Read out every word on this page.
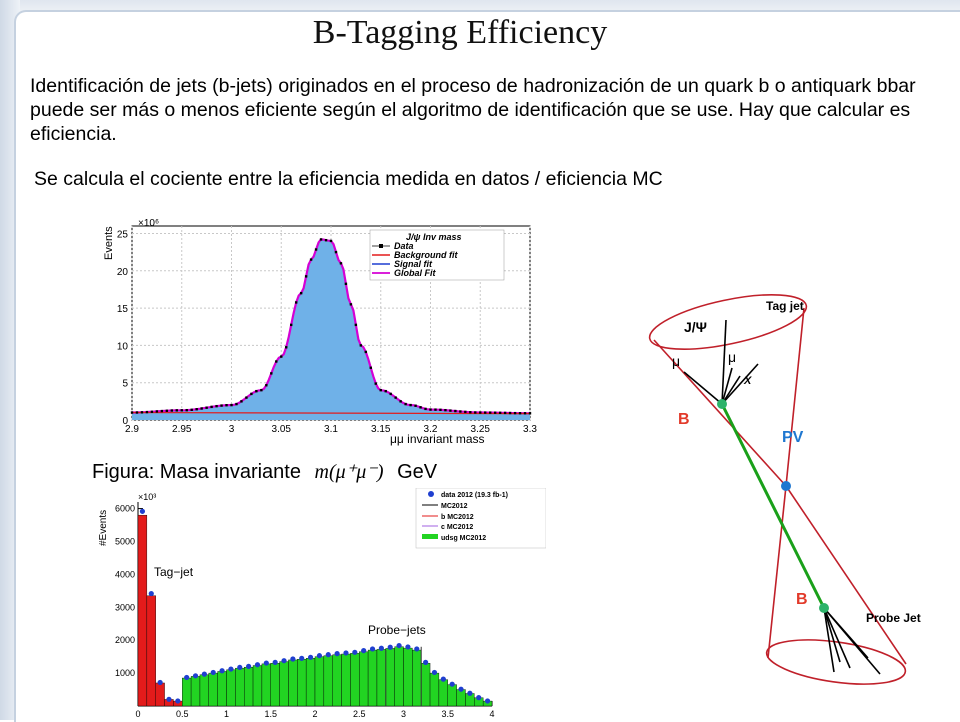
B-Tagging Efficiency
Identificación de jets (b-jets) originados en el proceso de hadronización de un quark b o antiquark bbar puede ser más o menos eficiente según el algoritmo de identificación que se use. Hay que calcular es eficiencia.
Se calcula el cociente entre la eficiencia medida en datos / eficiencia MC
2.9	2.95	3	3.05	3.1	3.15	3.2	3.25	3.3
0
5
10
15
20
25
Events
×10⁶
μμ invariant mass
J/ψ Inv mass
Data
Background fit
Signal fit
Global Fit
Figura: Masa invariante m(μ⁺μ⁻) GeV
1000
2000
3000
4000
5000
6000
0	0.5	1	1.5	2	2.5	3	3.5	4
#Events
×10³	data 2012 (19.3 fb-1)
MC2012
b MC2012
c MC2012
udsg MC2012
Tag−jet
Probe−jets
Tag jet
J/Ψ
μ	μ
X
B
PV
B
Probe Jet
